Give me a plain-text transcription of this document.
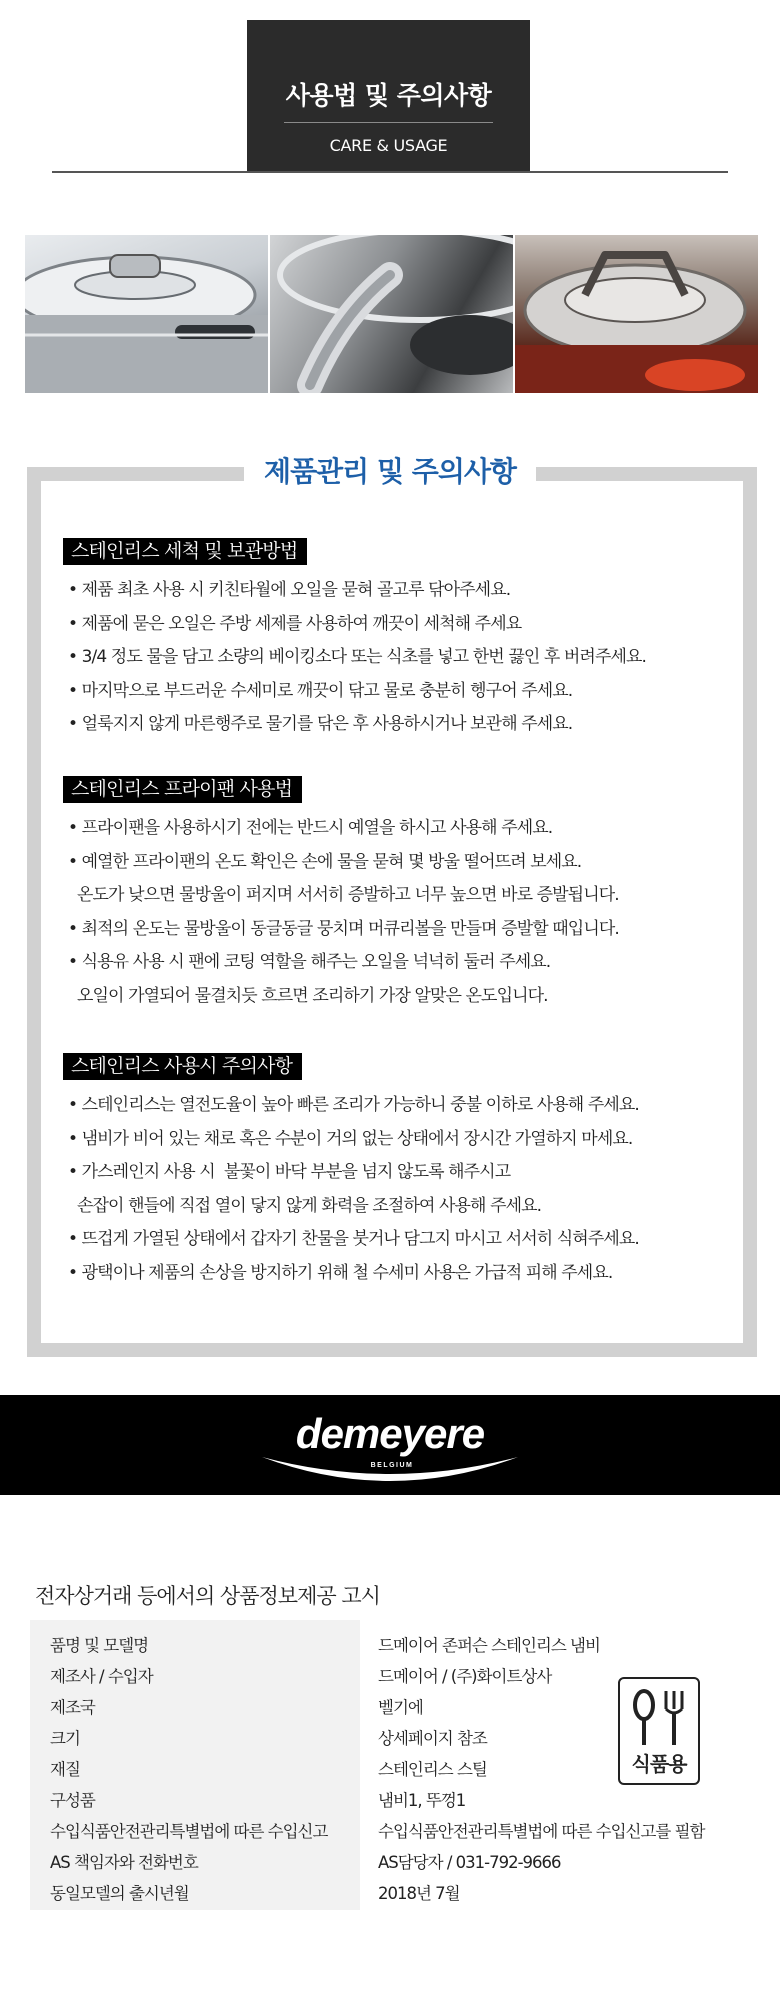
사용법 및 주의사항
CARE & USAGE
제품관리 및 주의사항
스테인리스 세척 및 보관방법
• 제품 최초 사용 시 키친타월에 오일을 묻혀 골고루 닦아주세요.
• 제품에 묻은 오일은 주방 세제를 사용하여 깨끗이 세척해 주세요
• 3/4 정도 물을 담고 소량의 베이킹소다 또는 식초를 넣고 한번 끓인 후 버려주세요.
• 마지막으로 부드러운 수세미로 깨끗이 닦고 물로 충분히 헹구어 주세요.
• 얼룩지지 않게 마른행주로 물기를 닦은 후 사용하시거나 보관해 주세요.
스테인리스 프라이팬 사용법
• 프라이팬을 사용하시기 전에는 반드시 예열을 하시고 사용해 주세요.
• 예열한 프라이팬의 온도 확인은 손에 물을 묻혀 몇 방울 떨어뜨려 보세요.
온도가 낮으면 물방울이 퍼지며 서서히 증발하고 너무 높으면 바로 증발됩니다.
• 최적의 온도는 물방울이 동글동글 뭉치며 머큐리볼을 만들며 증발할 때입니다.
• 식용유 사용 시 팬에 코팅 역할을 해주는 오일을 넉넉히 둘러 주세요.
오일이 가열되어 물결치듯 흐르면 조리하기 가장 알맞은 온도입니다.
스테인리스 사용시 주의사항
• 스테인리스는 열전도율이 높아 빠른 조리가 가능하니 중불 이하로 사용해 주세요.
• 냄비가 비어 있는 채로 혹은 수분이 거의 없는 상태에서 장시간 가열하지 마세요.
• 가스레인지 사용 시  불꽃이 바닥 부분을 넘지 않도록 해주시고
손잡이 핸들에 직접 열이 닿지 않게 화력을 조절하여 사용해 주세요.
• 뜨겁게 가열된 상태에서 갑자기 찬물을 붓거나 담그지 마시고 서서히 식혀주세요.
• 광택이나 제품의 손상을 방지하기 위해 철 수세미 사용은 가급적 피해 주세요.
demeyere
BELGIUM
전자상거래 등에서의 상품정보제공 고시
품명 및 모델명	드메이어 존퍼슨 스테인리스 냄비
제조사 / 수입자	드메이어 / (주)화이트상사
제조국	벨기에
크기	상세페이지 참조
재질	스테인리스 스틸
구성품	냄비1, 뚜껑1
수입식품안전관리특별법에 따른 수입신고	수입식품안전관리특별법에 따른 수입신고를 필함
AS 책임자와 전화번호	AS담당자 / 031-792-9666
동일모델의 출시년월	2018년 7월
식품용
